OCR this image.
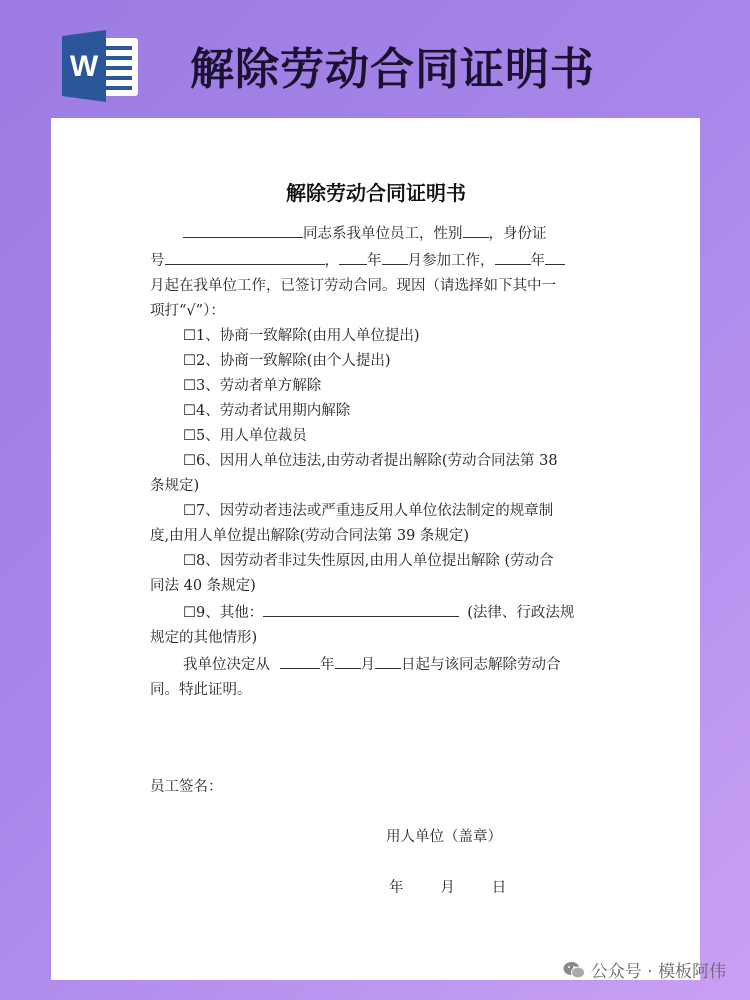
W 解除劳动合同证明书
解除劳动合同证明书
同志系我单位员工，性别 ，身份证
号	， 年 月参加工作， 年
月起在我单位工作，已签订劳动合同。现因（请选择如下其中一
项打“√”）：
☐1、协商一致解除(由用人单位提出)
☐2、协商一致解除(由个人提出)
☐3、劳动者单方解除
☐4、劳动者试用期内解除
☐5、用人单位裁员
☐6、因用人单位违法,由劳动者提出解除(劳动合同法第 38
条规定)
☐7、因劳动者违法或严重违反用人单位依法制定的规章制
度,由用人单位提出解除(劳动合同法第 39 条规定)
☐8、因劳动者非过失性原因,由用人单位提出解除 (劳动合
同法 40 条规定)
☐9、其他：	(法律、行政法规
规定的其他情形)
我单位决定从	年 月 日起与该同志解除劳动合
同。特此证明。
员工签名：
用人单位（盖章）
年        月        日
公众号 · 模板阿伟
